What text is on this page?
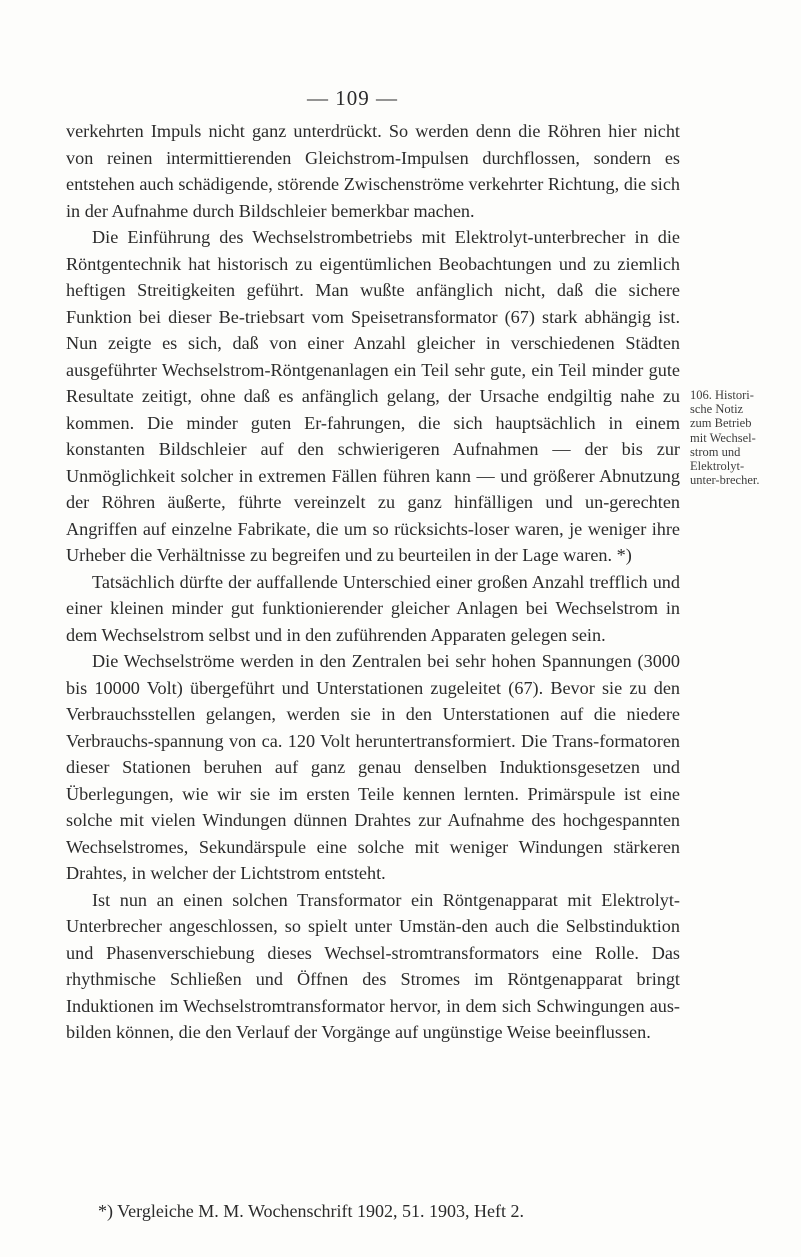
— 109 —

verkehrten Impuls nicht ganz unterdrückt. So werden denn die Röhren hier nicht von reinen intermittierenden Gleichstrom-Impulsen durchflossen, sondern es entstehen auch schädigende, störende Zwischenströme verkehrter Richtung, die sich in der Aufnahme durch Bildschleier bemerkbar machen.

Die Einführung des Wechselstrombetriebs mit Elektrolyt-unterbrecher in die Röntgentechnik hat historisch zu eigentümlichen Beobachtungen und zu ziemlich heftigen Streitigkeiten geführt. Man wußte anfänglich nicht, daß die sichere Funktion bei dieser Be-triebsart vom Speisetransformator (67) stark abhängig ist. Nun zeigte es sich, daß von einer Anzahl gleicher in verschiedenen Städten ausgeführter Wechselstrom-Röntgenanlagen ein Teil sehr gute, ein Teil minder gute Resultate zeitigt, ohne daß es anfänglich gelang, der Ursache endgiltig nahe zu kommen. Die minder guten Er-fahrungen, die sich hauptsächlich in einem konstanten Bildschleier auf den schwierigeren Aufnahmen — der bis zur Unmöglichkeit solcher in extremen Fällen führen kann — und größerer Abnutzung der Röhren äußerte, führte vereinzelt zu ganz hinfälligen und un-gerechten Angriffen auf einzelne Fabrikate, die um so rücksichts-loser waren, je weniger ihre Urheber die Verhältnisse zu begreifen und zu beurteilen in der Lage waren. *)

Tatsächlich dürfte der auffallende Unterschied einer großen Anzahl trefflich und einer kleinen minder gut funktionierender gleicher Anlagen bei Wechselstrom in dem Wechselstrom selbst und in den zuführenden Apparaten gelegen sein.

Die Wechselströme werden in den Zentralen bei sehr hohen Spannungen (3000 bis 10000 Volt) übergeführt und Unterstationen zugeleitet (67). Bevor sie zu den Verbrauchsstellen gelangen, werden sie in den Unterstationen auf die niedere Verbrauchs-spannung von ca. 120 Volt heruntertransformiert. Die Trans-formatoren dieser Stationen beruhen auf ganz genau denselben Induktionsgesetzen und Überlegungen, wie wir sie im ersten Teile kennen lernten. Primärspule ist eine solche mit vielen Windungen dünnen Drahtes zur Aufnahme des hochgespannten Wechselstromes, Sekundärspule eine solche mit weniger Windungen stärkeren Drahtes, in welcher der Lichtstrom entsteht.

Ist nun an einen solchen Transformator ein Röntgenapparat mit Elektrolyt-Unterbrecher angeschlossen, so spielt unter Umstän-den auch die Selbstinduktion und Phasenverschiebung dieses Wechsel-stromtransformators eine Rolle. Das rhythmische Schließen und Öffnen des Stromes im Röntgenapparat bringt Induktionen im Wechselstromtransformator hervor, in dem sich Schwingungen aus-bilden können, die den Verlauf der Vorgänge auf ungünstige Weise beeinflussen.

106. Histori-sche Notiz zum Betrieb mit Wechsel-strom und Elektrolyt-unter-brecher.
*) Vergleiche M. M. Wochenschrift 1902, 51. 1903, Heft 2.
